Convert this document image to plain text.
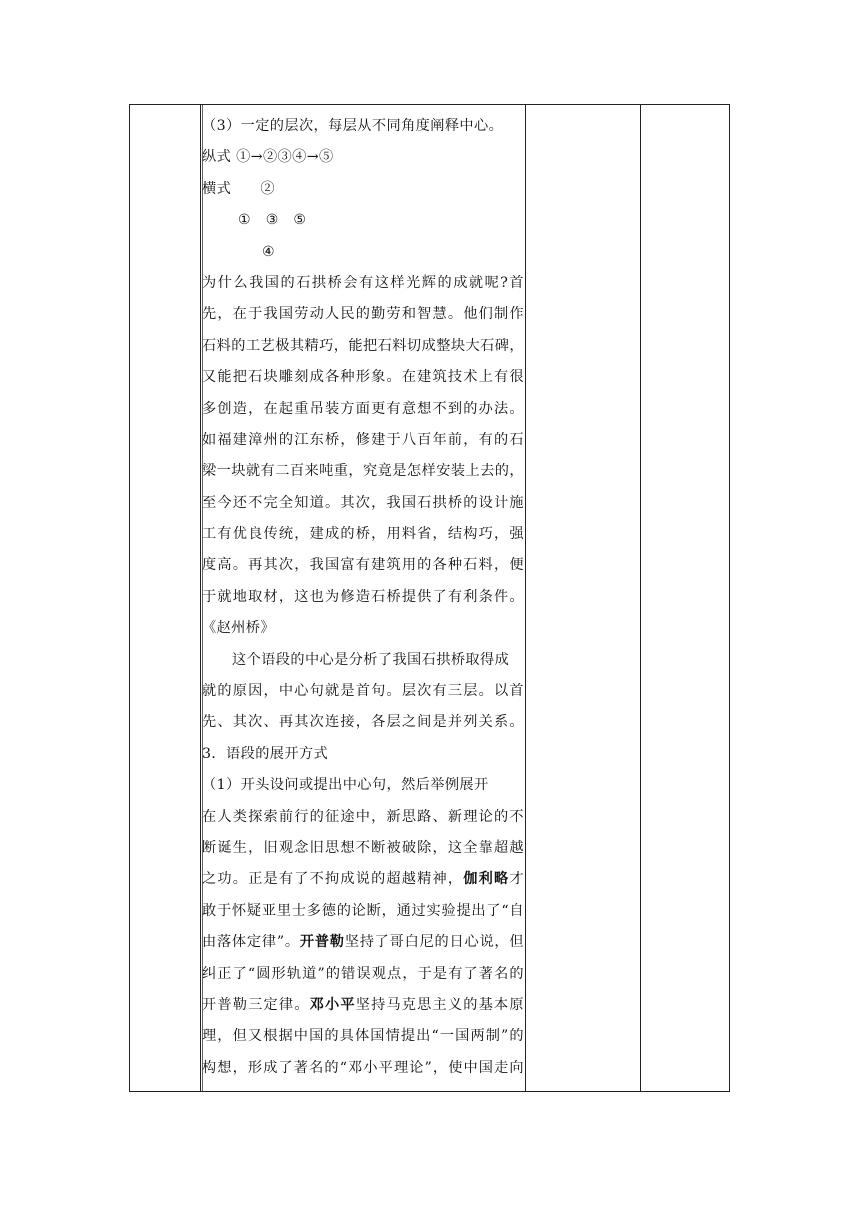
（3）一定的层次，每层从不同角度阐释中心。
纵式 ①→②③④→⑤
横式　　②
①　③　⑤
④
为什么我国的石拱桥会有这样光辉的成就呢?首
先，在于我国劳动人民的勤劳和智慧。他们制作
石料的工艺极其精巧，能把石料切成整块大石碑，
又能把石块雕刻成各种形象。在建筑技术上有很
多创造，在起重吊装方面更有意想不到的办法。
如福建漳州的江东桥，修建于八百年前，有的石
梁一块就有二百来吨重，究竟是怎样安装上去的，
至今还不完全知道。其次，我国石拱桥的设计施
工有优良传统，建成的桥，用料省，结构巧，强
度高。再其次，我国富有建筑用的各种石料，便
于就地取材，这也为修造石桥提供了有利条件。
《赵州桥》
这个语段的中心是分析了我国石拱桥取得成
就的原因，中心句就是首句。层次有三层。以首
先、其次、再其次连接，各层之间是并列关系。
3．语段的展开方式
（1）开头设问或提出中心句，然后举例展开
在人类探索前行的征途中，新思路、新理论的不
断诞生，旧观念旧思想不断被破除，这全靠超越
之功。正是有了不拘成说的超越精神，伽利略才
敢于怀疑亚里士多德的论断，通过实验提出了“自
由落体定律”。开普勒坚持了哥白尼的日心说，但
纠正了“圆形轨道”的错误观点，于是有了著名的
开普勒三定律。邓小平坚持马克思主义的基本原
理，但又根据中国的具体国情提出“一国两制”的
构想，形成了著名的“邓小平理论”，使中国走向
